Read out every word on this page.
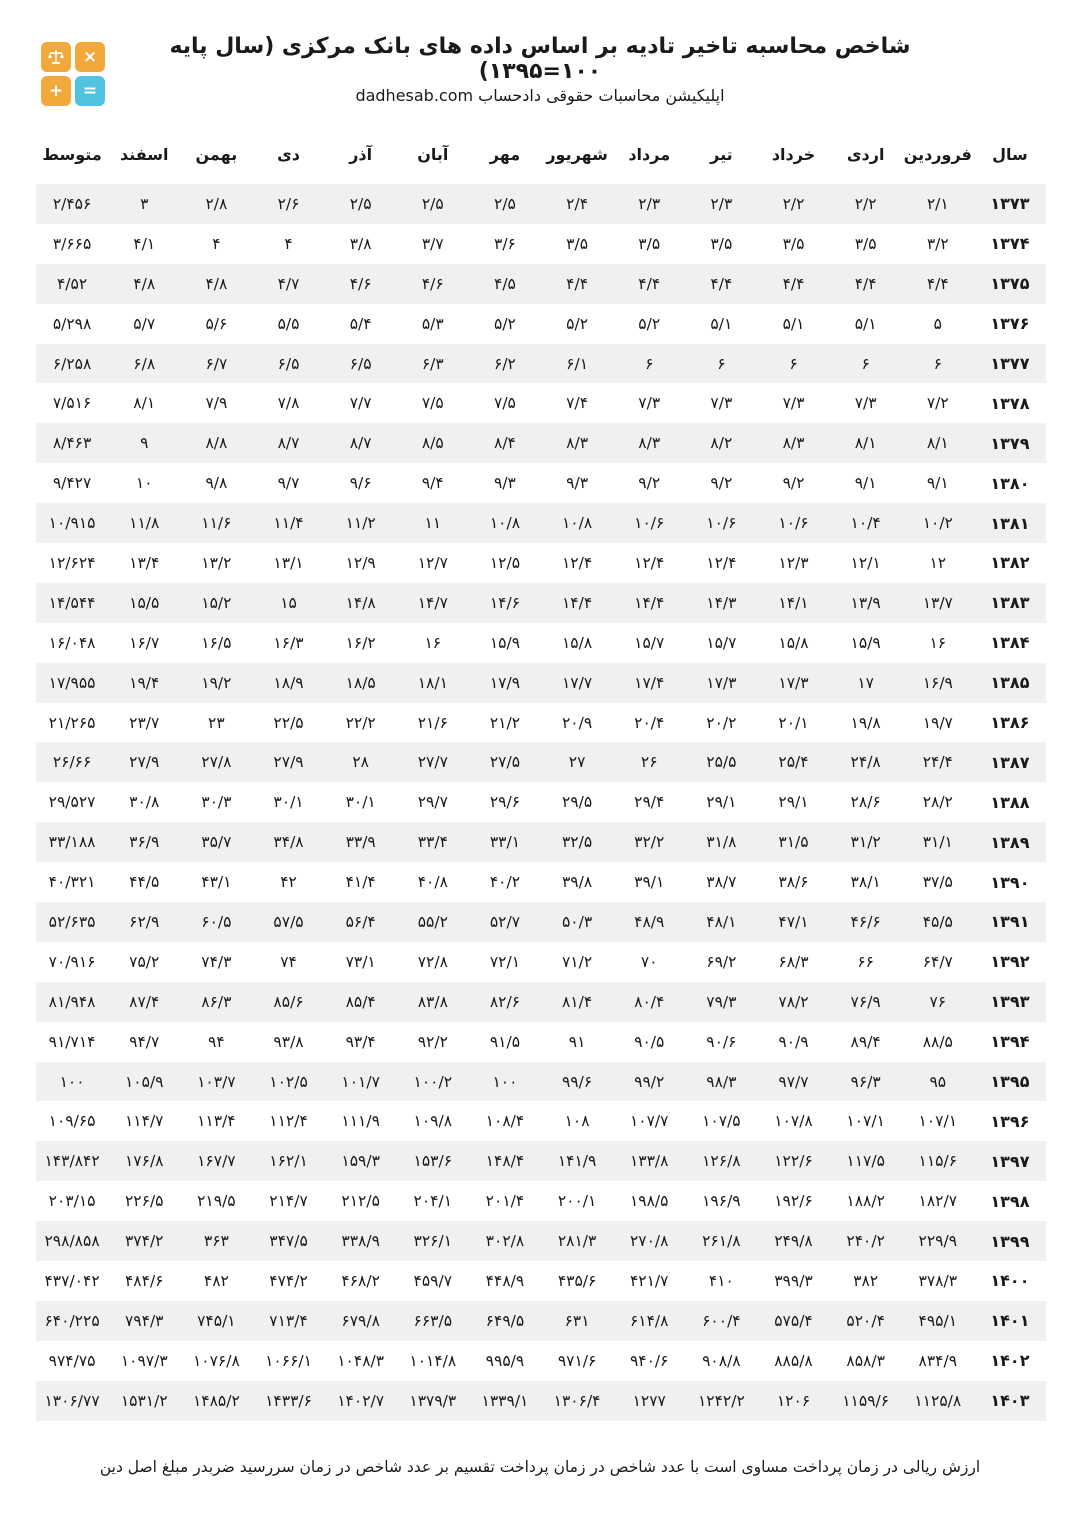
×
+	=
شاخص محاسبه تاخیر تادیه بر اساس داده های بانک مرکزی (سال پایه ۱۰۰=۱۳۹۵)
اپلیکیشن محاسبات حقوقی دادحساب dadhesab.com
سال	فروردین	اردی	خرداد	تیر	مرداد	شهریور	مهر	آبان	آذر	دی	بهمن	اسفند	متوسط
۱۳۷۳	۲/۱	۲/۲	۲/۲	۲/۳	۲/۳	۲/۴	۲/۵	۲/۵	۲/۵	۲/۶	۲/۸	۳	۲/۴۵۶
۱۳۷۴	۳/۲	۳/۵	۳/۵	۳/۵	۳/۵	۳/۵	۳/۶	۳/۷	۳/۸	۴	۴	۴/۱	۳/۶۶۵
۱۳۷۵	۴/۴	۴/۴	۴/۴	۴/۴	۴/۴	۴/۴	۴/۵	۴/۶	۴/۶	۴/۷	۴/۸	۴/۸	۴/۵۲
۱۳۷۶	۵	۵/۱	۵/۱	۵/۱	۵/۲	۵/۲	۵/۲	۵/۳	۵/۴	۵/۵	۵/۶	۵/۷	۵/۲۹۸
۱۳۷۷	۶	۶	۶	۶	۶	۶/۱	۶/۲	۶/۳	۶/۵	۶/۵	۶/۷	۶/۸	۶/۲۵۸
۱۳۷۸	۷/۲	۷/۳	۷/۳	۷/۳	۷/۳	۷/۴	۷/۵	۷/۵	۷/۷	۷/۸	۷/۹	۸/۱	۷/۵۱۶
۱۳۷۹	۸/۱	۸/۱	۸/۳	۸/۲	۸/۳	۸/۳	۸/۴	۸/۵	۸/۷	۸/۷	۸/۸	۹	۸/۴۶۳
۱۳۸۰	۹/۱	۹/۱	۹/۲	۹/۲	۹/۲	۹/۳	۹/۳	۹/۴	۹/۶	۹/۷	۹/۸	۱۰	۹/۴۲۷
۱۳۸۱	۱۰/۲	۱۰/۴	۱۰/۶	۱۰/۶	۱۰/۶	۱۰/۸	۱۰/۸	۱۱	۱۱/۲	۱۱/۴	۱۱/۶	۱۱/۸	۱۰/۹۱۵
۱۳۸۲	۱۲	۱۲/۱	۱۲/۳	۱۲/۴	۱۲/۴	۱۲/۴	۱۲/۵	۱۲/۷	۱۲/۹	۱۳/۱	۱۳/۲	۱۳/۴	۱۲/۶۲۴
۱۳۸۳	۱۳/۷	۱۳/۹	۱۴/۱	۱۴/۳	۱۴/۴	۱۴/۴	۱۴/۶	۱۴/۷	۱۴/۸	۱۵	۱۵/۲	۱۵/۵	۱۴/۵۴۴
۱۳۸۴	۱۶	۱۵/۹	۱۵/۸	۱۵/۷	۱۵/۷	۱۵/۸	۱۵/۹	۱۶	۱۶/۲	۱۶/۳	۱۶/۵	۱۶/۷	۱۶/۰۴۸
۱۳۸۵	۱۶/۹	۱۷	۱۷/۳	۱۷/۳	۱۷/۴	۱۷/۷	۱۷/۹	۱۸/۱	۱۸/۵	۱۸/۹	۱۹/۲	۱۹/۴	۱۷/۹۵۵
۱۳۸۶	۱۹/۷	۱۹/۸	۲۰/۱	۲۰/۲	۲۰/۴	۲۰/۹	۲۱/۲	۲۱/۶	۲۲/۲	۲۲/۵	۲۳	۲۳/۷	۲۱/۲۶۵
۱۳۸۷	۲۴/۴	۲۴/۸	۲۵/۴	۲۵/۵	۲۶	۲۷	۲۷/۵	۲۷/۷	۲۸	۲۷/۹	۲۷/۸	۲۷/۹	۲۶/۶۶
۱۳۸۸	۲۸/۲	۲۸/۶	۲۹/۱	۲۹/۱	۲۹/۴	۲۹/۵	۲۹/۶	۲۹/۷	۳۰/۱	۳۰/۱	۳۰/۳	۳۰/۸	۲۹/۵۲۷
۱۳۸۹	۳۱/۱	۳۱/۲	۳۱/۵	۳۱/۸	۳۲/۲	۳۲/۵	۳۳/۱	۳۳/۴	۳۳/۹	۳۴/۸	۳۵/۷	۳۶/۹	۳۳/۱۸۸
۱۳۹۰	۳۷/۵	۳۸/۱	۳۸/۶	۳۸/۷	۳۹/۱	۳۹/۸	۴۰/۲	۴۰/۸	۴۱/۴	۴۲	۴۳/۱	۴۴/۵	۴۰/۳۲۱
۱۳۹۱	۴۵/۵	۴۶/۶	۴۷/۱	۴۸/۱	۴۸/۹	۵۰/۳	۵۲/۷	۵۵/۲	۵۶/۴	۵۷/۵	۶۰/۵	۶۲/۹	۵۲/۶۳۵
۱۳۹۲	۶۴/۷	۶۶	۶۸/۳	۶۹/۲	۷۰	۷۱/۲	۷۲/۱	۷۲/۸	۷۳/۱	۷۴	۷۴/۳	۷۵/۲	۷۰/۹۱۶
۱۳۹۳	۷۶	۷۶/۹	۷۸/۲	۷۹/۳	۸۰/۴	۸۱/۴	۸۲/۶	۸۳/۸	۸۵/۴	۸۵/۶	۸۶/۳	۸۷/۴	۸۱/۹۴۸
۱۳۹۴	۸۸/۵	۸۹/۴	۹۰/۹	۹۰/۶	۹۰/۵	۹۱	۹۱/۵	۹۲/۲	۹۳/۴	۹۳/۸	۹۴	۹۴/۷	۹۱/۷۱۴
۱۳۹۵	۹۵	۹۶/۳	۹۷/۷	۹۸/۳	۹۹/۲	۹۹/۶	۱۰۰	۱۰۰/۲	۱۰۱/۷	۱۰۲/۵	۱۰۳/۷	۱۰۵/۹	۱۰۰
۱۳۹۶	۱۰۷/۱	۱۰۷/۱	۱۰۷/۸	۱۰۷/۵	۱۰۷/۷	۱۰۸	۱۰۸/۴	۱۰۹/۸	۱۱۱/۹	۱۱۲/۴	۱۱۳/۴	۱۱۴/۷	۱۰۹/۶۵
۱۳۹۷	۱۱۵/۶	۱۱۷/۵	۱۲۲/۶	۱۲۶/۸	۱۳۳/۸	۱۴۱/۹	۱۴۸/۴	۱۵۳/۶	۱۵۹/۳	۱۶۲/۱	۱۶۷/۷	۱۷۶/۸	۱۴۳/۸۴۲
۱۳۹۸	۱۸۲/۷	۱۸۸/۲	۱۹۲/۶	۱۹۶/۹	۱۹۸/۵	۲۰۰/۱	۲۰۱/۴	۲۰۴/۱	۲۱۲/۵	۲۱۴/۷	۲۱۹/۵	۲۲۶/۵	۲۰۳/۱۵
۱۳۹۹	۲۲۹/۹	۲۴۰/۲	۲۴۹/۸	۲۶۱/۸	۲۷۰/۸	۲۸۱/۳	۳۰۲/۸	۳۲۶/۱	۳۳۸/۹	۳۴۷/۵	۳۶۳	۳۷۴/۲	۲۹۸/۸۵۸
۱۴۰۰	۳۷۸/۳	۳۸۲	۳۹۹/۳	۴۱۰	۴۲۱/۷	۴۳۵/۶	۴۴۸/۹	۴۵۹/۷	۴۶۸/۲	۴۷۴/۲	۴۸۲	۴۸۴/۶	۴۳۷/۰۴۲
۱۴۰۱	۴۹۵/۱	۵۲۰/۴	۵۷۵/۴	۶۰۰/۴	۶۱۴/۸	۶۳۱	۶۴۹/۵	۶۶۳/۵	۶۷۹/۸	۷۱۳/۴	۷۴۵/۱	۷۹۴/۳	۶۴۰/۲۲۵
۱۴۰۲	۸۳۴/۹	۸۵۸/۳	۸۸۵/۸	۹۰۸/۸	۹۴۰/۶	۹۷۱/۶	۹۹۵/۹	۱۰۱۴/۸	۱۰۴۸/۳	۱۰۶۶/۱	۱۰۷۶/۸	۱۰۹۷/۳	۹۷۴/۷۵
۱۴۰۳	۱۱۲۵/۸	۱۱۵۹/۶	۱۲۰۶	۱۲۴۲/۲	۱۲۷۷	۱۳۰۶/۴	۱۳۳۹/۱	۱۳۷۹/۳	۱۴۰۲/۷	۱۴۳۳/۶	۱۴۸۵/۲	۱۵۳۱/۲	۱۳۰۶/۷۷
ارزش ریالی در زمان پرداخت مساوی است با عدد شاخص در زمان پرداخت تقسیم بر عدد شاخص در زمان سررسید ضربدر مبلغ اصل دین
